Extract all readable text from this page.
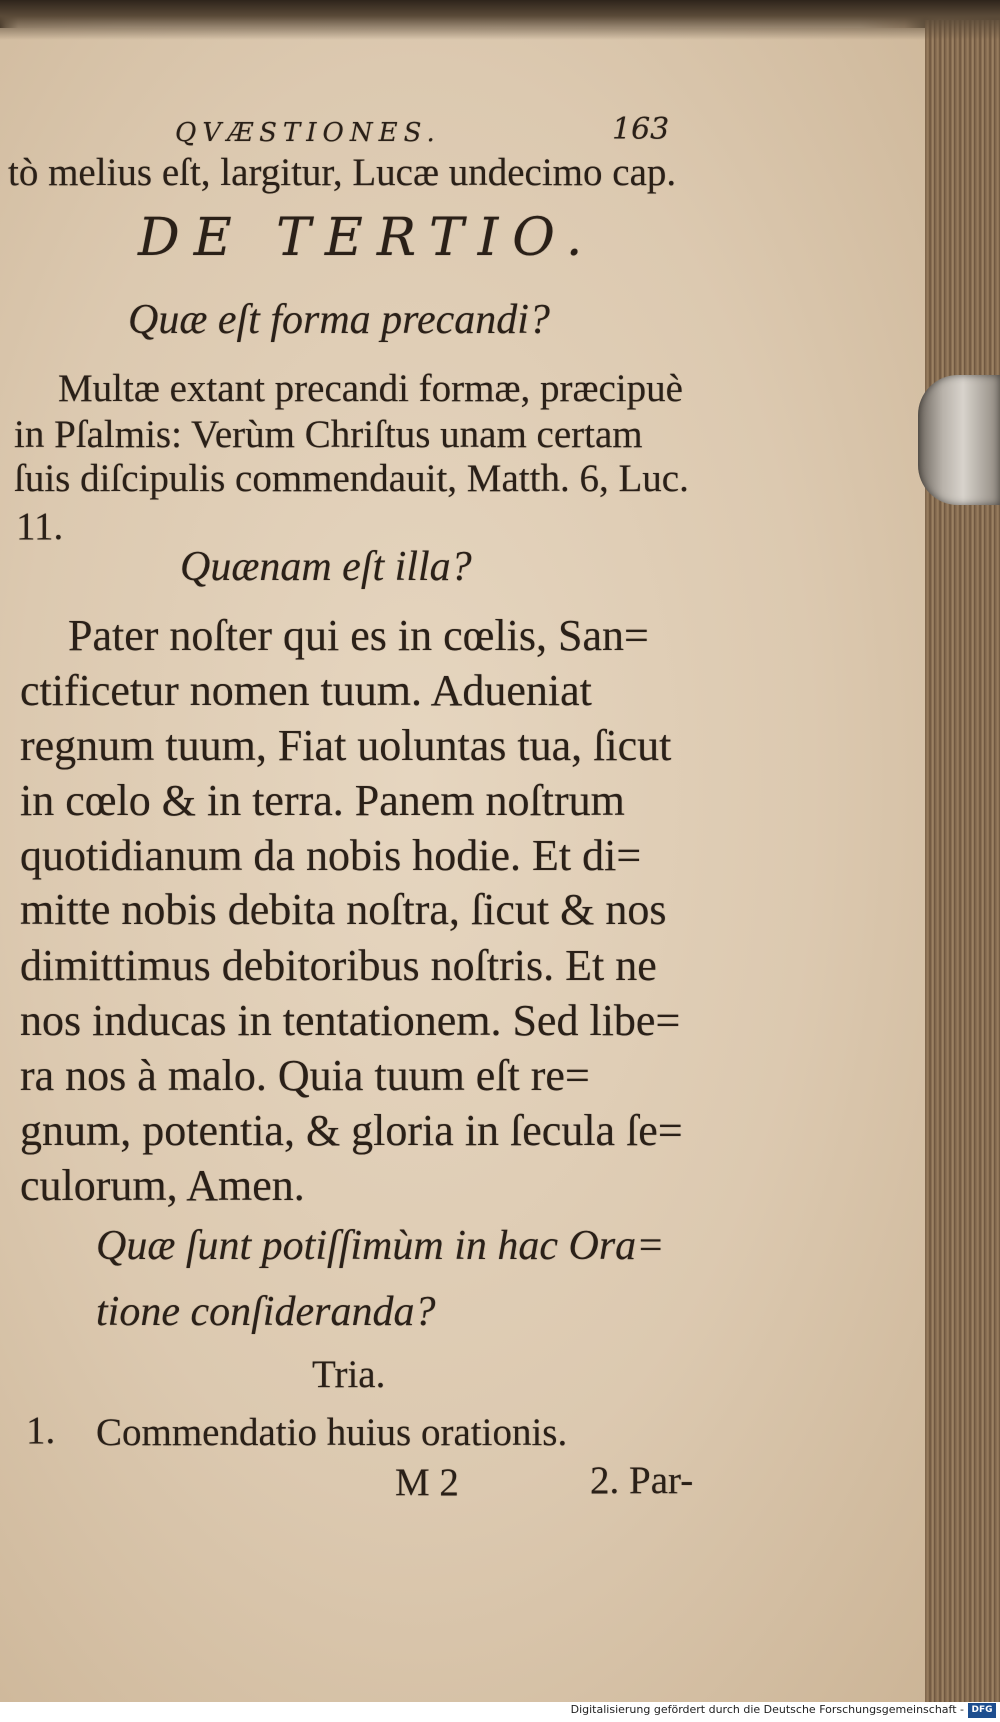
QVÆSTIONES.	163
tò melius eſt, largitur, Lucæ undecimo cap.
DE TERTIO.
Quæ eſt forma precandi?
Multæ extant precandi formæ, præcipuè
in Pſalmis: Verùm Chriſtus unam certam
ſuis diſcipulis commendauit, Matth. 6, Luc.
11.
Quænam eſt illa?
Pater noſter qui es in cœlis, San=
ctificetur nomen tuum. Adueniat
regnum tuum, Fiat uoluntas tua, ſicut
in cœlo & in terra. Panem noſtrum
quotidianum da nobis hodie. Et di=
mitte nobis debita noſtra, ſicut & nos
dimittimus debitoribus noſtris. Et ne
nos inducas in tentationem. Sed libe=
ra nos à malo. Quia tuum eſt re=
gnum, potentia, & gloria in ſecula ſe=
culorum, Amen.
Quæ ſunt potiſſimùm in hac Ora=
tione conſideranda?
Tria.
1. Commendatio huius orationis.
M 2	2. Par-
Digitalisierung gefördert durch die Deutsche Forschungsgemeinschaft - DFG
